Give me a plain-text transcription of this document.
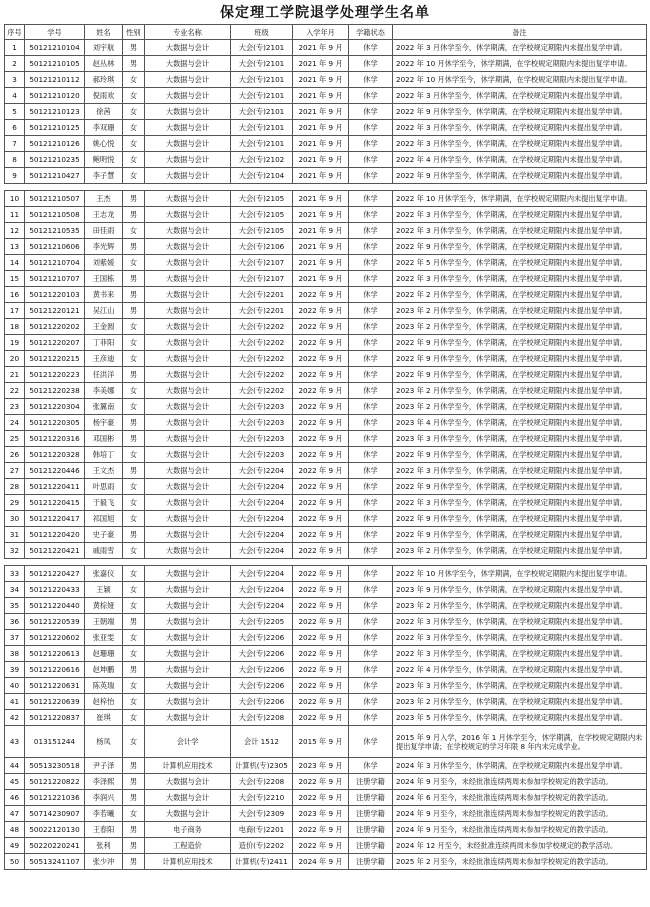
保定理工学院退学处理学生名单
序号	学号	姓名	性别	专业名称	班级	入学年月	学籍状态	备注
1	50121210104	刘宇航	男	大数据与会计	大会(专)2101	2021 年 9 月	休学	2022 年 3 月休学至今，休学期满，在学校规定期限内未提出复学申请。
2	50121210105	赵丛林	男	大数据与会计	大会(专)2101	2021 年 9 月	休学	2022 年 10 月休学至今，休学期满，在学校规定期限内未提出复学申请。
3	50121210112	郝玲琪	女	大数据与会计	大会(专)2101	2021 年 9 月	休学	2022 年 10 月休学至今，休学期满，在学校规定期限内未提出复学申请。
4	50121210120	倪雨欢	女	大数据与会计	大会(专)2101	2021 年 9 月	休学	2022 年 3 月休学至今，休学期满，在学校规定期限内未提出复学申请。
5	50121210123	徐茜	女	大数据与会计	大会(专)2101	2021 年 9 月	休学	2022 年 9 月休学至今，休学期满，在学校规定期限内未提出复学申请。
6	50121210125	李双珊	女	大数据与会计	大会(专)2101	2021 年 9 月	休学	2022 年 3 月休学至今，休学期满，在学校规定期限内未提出复学申请。
7	50121210126	姚心悦	女	大数据与会计	大会(专)2101	2021 年 9 月	休学	2022 年 3 月休学至今，休学期满，在学校规定期限内未提出复学申请。
8	50121210235	鲍明悦	女	大数据与会计	大会(专)2102	2021 年 9 月	休学	2022 年 4 月休学至今，休学期满，在学校规定期限内未提出复学申请。
9	50121210427	李子慧	女	大数据与会计	大会(专)2104	2021 年 9 月	休学	2022 年 9 月休学至今，休学期满，在学校规定期限内未提出复学申请。

10	50121210507	王杰	男	大数据与会计	大会(专)2105	2021 年 9 月	休学	2022 年 10 月休学至今，休学期满，在学校规定期限内未提出复学申请。
11	50121210508	王志龙	男	大数据与会计	大会(专)2105	2021 年 9 月	休学	2022 年 3 月休学至今，休学期满，在学校规定期限内未提出复学申请。
12	50121210535	田佳雨	女	大数据与会计	大会(专)2105	2021 年 9 月	休学	2022 年 3 月休学至今，休学期满，在学校规定期限内未提出复学申请。
13	50121210606	李光辉	男	大数据与会计	大会(专)2106	2021 年 9 月	休学	2022 年 9 月休学至今，休学期满，在学校规定期限内未提出复学申请。
14	50121210704	刘紫媛	女	大数据与会计	大会(专)2107	2021 年 9 月	休学	2022 年 5 月休学至今，休学期满，在学校规定期限内未提出复学申请。
15	50121210707	王国栋	男	大数据与会计	大会(专)2107	2021 年 9 月	休学	2022 年 3 月休学至今，休学期满，在学校规定期限内未提出复学申请。
16	50121220103	黄书来	男	大数据与会计	大会(专)2201	2022 年 9 月	休学	2022 年 2 月休学至今，休学期满，在学校规定期限内未提出复学申请。
17	50121220121	吴江山	男	大数据与会计	大会(专)2201	2022 年 9 月	休学	2023 年 2 月休学至今，休学期满，在学校规定期限内未提出复学申请。
18	50121220202	王金圆	女	大数据与会计	大会(专)2202	2022 年 9 月	休学	2023 年 2 月休学至今，休学期满，在学校规定期限内未提出复学申请。
19	50121220207	丁菲阳	女	大数据与会计	大会(专)2202	2022 年 9 月	休学	2022 年 9 月休学至今，休学期满，在学校规定期限内未提出复学申请。
20	50121220215	王彦迪	女	大数据与会计	大会(专)2202	2022 年 9 月	休学	2022 年 9 月休学至今，休学期满，在学校规定期限内未提出复学申请。
21	50121220223	任洪洋	男	大数据与会计	大会(专)2202	2022 年 9 月	休学	2022 年 9 月休学至今，休学期满，在学校规定期限内未提出复学申请。
22	50121220238	李美娜	女	大数据与会计	大会(专)2202	2022 年 9 月	休学	2023 年 2 月休学至今，休学期满，在学校规定期限内未提出复学申请。
23	50121220304	张翼南	女	大数据与会计	大会(专)2203	2022 年 9 月	休学	2023 年 2 月休学至今，休学期满，在学校规定期限内未提出复学申请。
24	50121220305	杨宇豪	男	大数据与会计	大会(专)2203	2022 年 9 月	休学	2023 年 4 月休学至今，休学期满，在学校规定期限内未提出复学申请。
25	50121220316	邓国彬	男	大数据与会计	大会(专)2203	2022 年 9 月	休学	2023 年 3 月休学至今，休学期满，在学校规定期限内未提出复学申请。
26	50121220328	韩培丁	女	大数据与会计	大会(专)2203	2022 年 9 月	休学	2022 年 9 月休学至今，休学期满，在学校规定期限内未提出复学申请。
27	50121220446	王文杰	男	大数据与会计	大会(专)2204	2022 年 9 月	休学	2022 年 3 月休学至今，休学期满，在学校规定期限内未提出复学申请。
28	50121220411	叶思雨	女	大数据与会计	大会(专)2204	2022 年 9 月	休学	2022 年 9 月休学至今，休学期满，在学校规定期限内未提出复学申请。
29	50121220415	于毅飞	女	大数据与会计	大会(专)2204	2022 年 9 月	休学	2022 年 3 月休学至今，休学期满，在学校规定期限内未提出复学申请。
30	50121220417	祁国旭	女	大数据与会计	大会(专)2204	2022 年 9 月	休学	2022 年 9 月休学至今，休学期满，在学校规定期限内未提出复学申请。
31	50121220420	史子豪	男	大数据与会计	大会(专)2204	2022 年 9 月	休学	2022 年 9 月休学至今，休学期满，在学校规定期限内未提出复学申请。
32	50121220421	戚雨雪	女	大数据与会计	大会(专)2204	2022 年 9 月	休学	2023 年 2 月休学至今，休学期满，在学校规定期限内未提出复学申请。

33	50121220427	张嘉仪	女	大数据与会计	大会(专)2204	2022 年 9 月	休学	2022 年 10 月休学至今，休学期满，在学校规定期限内未提出复学申请。
34	50121220433	王颖	女	大数据与会计	大会(专)2204	2022 年 9 月	休学	2023 年 9 月休学至今，休学期满，在学校规定期限内未提出复学申请。
35	50121220440	黄棕娅	女	大数据与会计	大会(专)2204	2022 年 9 月	休学	2023 年 2 月休学至今，休学期满，在学校规定期限内未提出复学申请。
36	50121220539	王朝端	男	大数据与会计	大会(专)2205	2022 年 9 月	休学	2022 年 3 月休学至今，休学期满，在学校规定期限内未提出复学申请。
37	50121220602	张亚雯	女	大数据与会计	大会(专)2206	2022 年 9 月	休学	2022 年 3 月休学至今，休学期满，在学校规定期限内未提出复学申请。
38	50121220613	赵珊珊	女	大数据与会计	大会(专)2206	2022 年 9 月	休学	2022 年 3 月休学至今，休学期满，在学校规定期限内未提出复学申请。
39	50121220616	赵坤鹏	男	大数据与会计	大会(专)2206	2022 年 9 月	休学	2022 年 4 月休学至今，休学期满，在学校规定期限内未提出复学申请。
40	50121220631	陈英瑞	女	大数据与会计	大会(专)2206	2022 年 9 月	休学	2023 年 3 月休学至今，休学期满，在学校规定期限内未提出复学申请。
41	50121220639	赵梓怡	女	大数据与会计	大会(专)2206	2022 年 9 月	休学	2023 年 2 月休学至今，休学期满，在学校规定期限内未提出复学申请。
42	50121220837	崔琪	女	大数据与会计	大会(专)2208	2022 年 9 月	休学	2023 年 5 月休学至今，休学期满，在学校规定期限内未提出复学申请。
43	013151244	杨凤	女	会计学	会计 1512	2015 年 9 月	休学	2015 年 9 月入学，2016 年 1 月休学至今，休学期满，在学校规定期限内未提出复学申请；在学校规定的学习年限 8 年内未完成学业。
44	50513230518	尹子泽	男	计算机应用技术	计算机(专)2305	2023 年 9 月	休学	2024 年 3 月休学至今，休学期满，在学校规定期限内未提出复学申请。
45	50121220822	李泽熙	男	大数据与会计	大会(专)2208	2022 年 9 月	注册学籍	2024 年 9 月至今，未经批准连续两周未参加学校规定的教学活动。
46	50121221036	李润兴	男	大数据与会计	大会(专)2210	2022 年 9 月	注册学籍	2024 年 6 月至今，未经批准连续两周未参加学校规定的教学活动。
47	50714230907	李若曦	女	大数据与会计	大会(专)2309	2023 年 9 月	注册学籍	2024 年 9 月至今，未经批准连续两周未参加学校规定的教学活动。
48	50022120130	王春阳	男	电子商务	电商(专)2201	2022 年 9 月	注册学籍	2024 年 9 月至今，未经批准连续两周未参加学校规定的教学活动。
49	50220220241	张利	男	工程造价	造价(专)2202	2022 年 9 月	注册学籍	2024 年 12 月至今，未经批准连续两周未参加学校规定的教学活动。
50	50513241107	张少冲	男	计算机应用技术	计算机(专)2411	2024 年 9 月	注册学籍	2025 年 2 月至今，未经批准连续两周未参加学校规定的教学活动。
